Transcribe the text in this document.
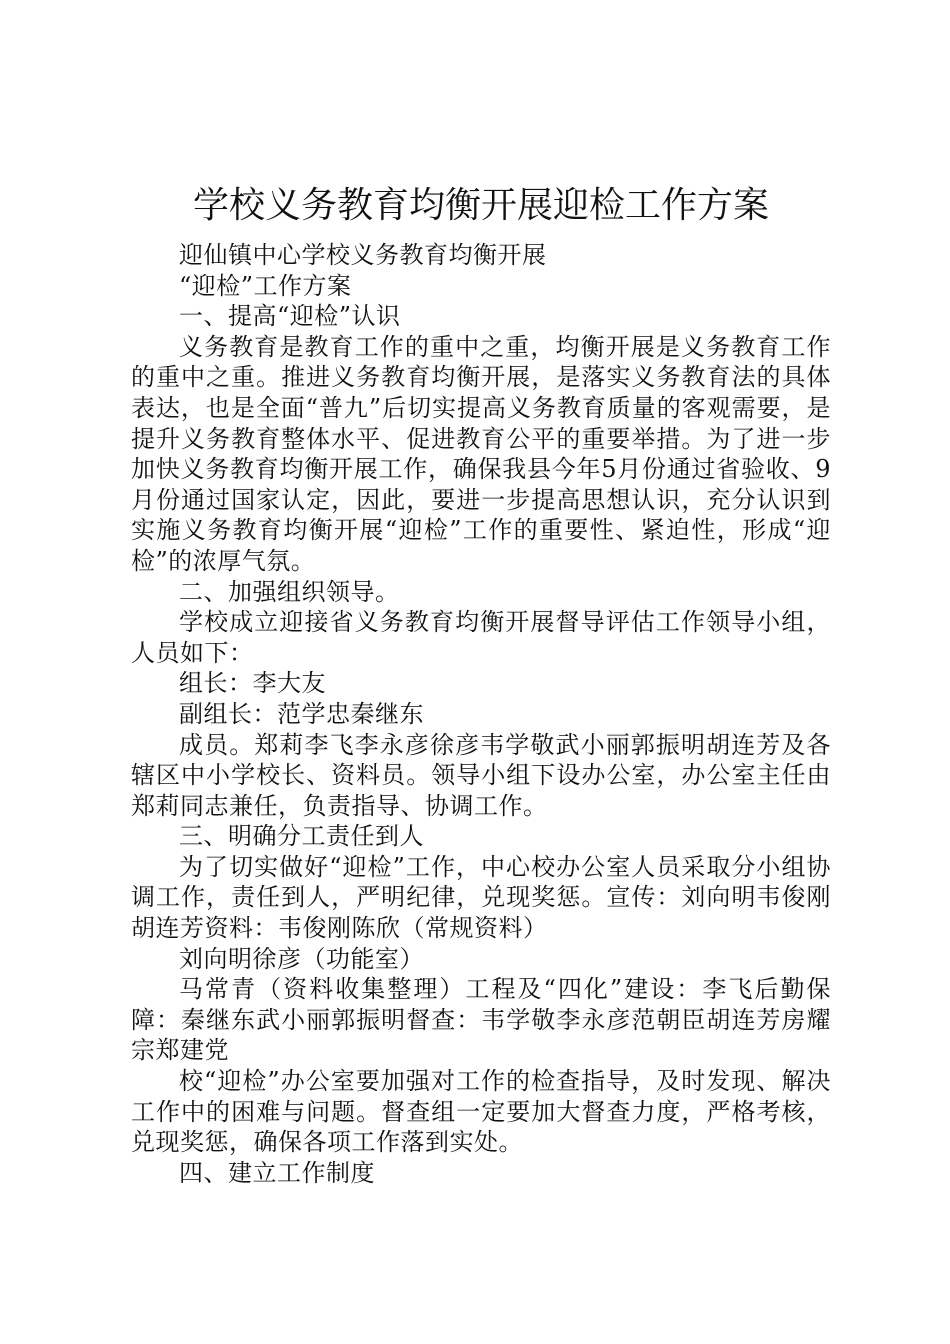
学校义务教育均衡开展迎检工作方案

迎仙镇中心学校义务教育均衡开展

“迎检”工作方案

一、提高“迎检”认识

义务教育是教育工作的重中之重，均衡开展是义务教育工作的重中之重。推进义务教育均衡开展，是落实义务教育法的具体表达，也是全面“普九”后切实提高义务教育质量的客观需要，是提升义务教育整体水平、促进教育公平的重要举措。为了进一步加快义务教育均衡开展工作，确保我县今年5月份通过省验收、9月份通过国家认定，因此，要进一步提高思想认识，充分认识到实施义务教育均衡开展“迎检”工作的重要性、紧迫性，形成“迎检”的浓厚气氛。

二、加强组织领导。

学校成立迎接省义务教育均衡开展督导评估工作领导小组，人员如下：

组长：李大友

副组长：范学忠秦继东

成员。郑莉李飞李永彦徐彦韦学敬武小丽郭振明胡连芳及各辖区中小学校长、资料员。领导小组下设办公室，办公室主任由郑莉同志兼任，负责指导、协调工作。

三、明确分工责任到人

为了切实做好“迎检”工作，中心校办公室人员采取分小组协调工作，责任到人，严明纪律，兑现奖惩。宣传：刘向明韦俊刚胡连芳资料：韦俊刚陈欣（常规资料）

刘向明徐彦（功能室）

马常青（资料收集整理）工程及“四化”建设：李飞后勤保障：秦继东武小丽郭振明督查：韦学敬李永彦范朝臣胡连芳房耀宗郑建党

校“迎检”办公室要加强对工作的检查指导，及时发现、解决工作中的困难与问题。督查组一定要加大督查力度，严格考核，兑现奖惩，确保各项工作落到实处。

四、建立工作制度
